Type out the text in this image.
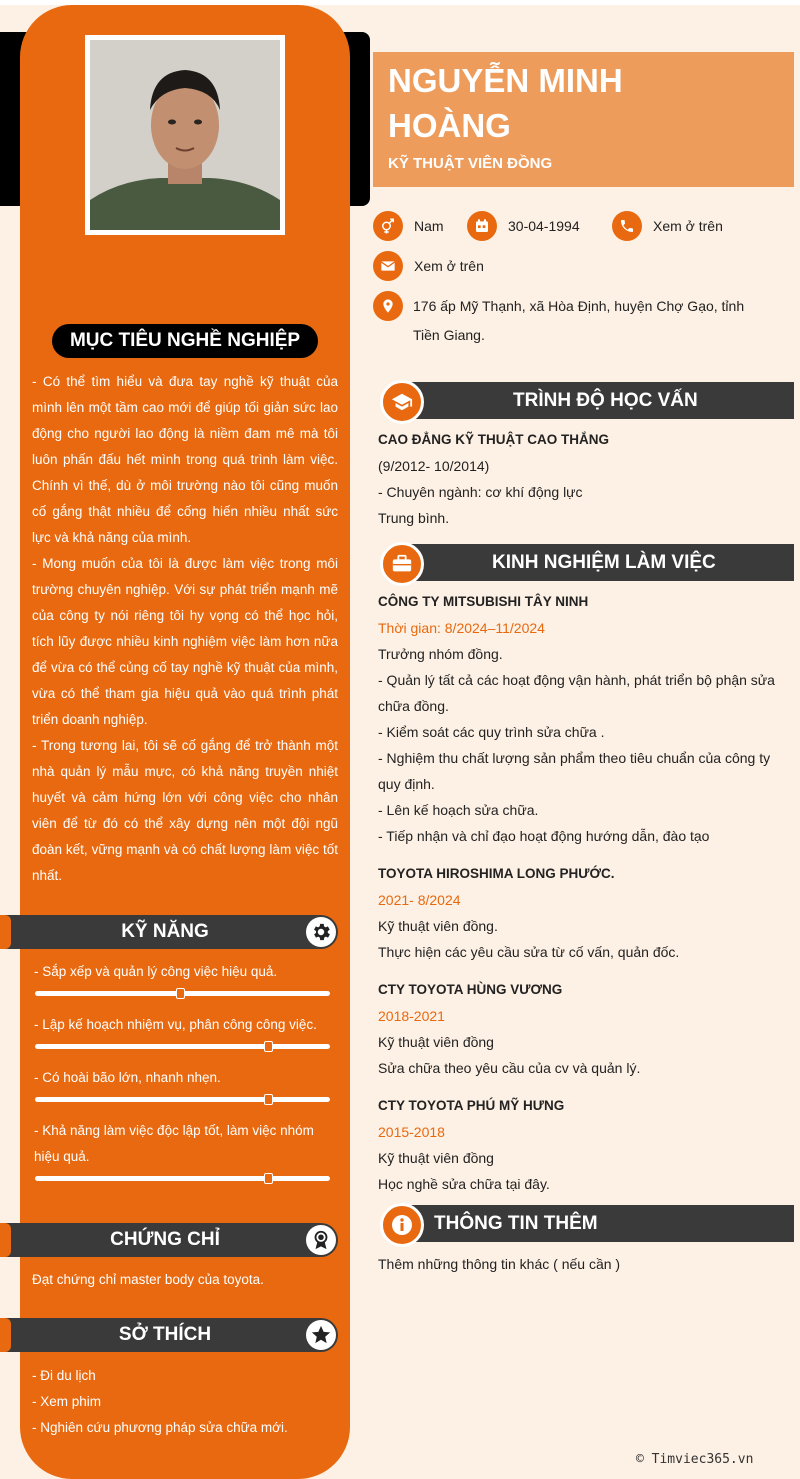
MỤC TIÊU NGHỀ NGHIỆP

- Có thể tìm hiểu và đưa tay nghề kỹ thuật của mình lên một tầm cao mới để giúp tối giản sức lao động cho người lao động là niềm đam mê mà tôi luôn phấn đấu hết mình trong quá trình làm việc. Chính vì thế, dù ở môi trường nào tôi cũng muốn cố gắng thật nhiều để cống hiến nhiều nhất sức lực và khả năng của mình.

- Mong muốn của tôi là được làm việc trong môi trường chuyên nghiệp. Với sự phát triển mạnh mẽ của công ty nói riêng tôi hy vọng có thể học hỏi, tích lũy được nhiều kinh nghiệm việc làm hơn nữa để vừa có thể củng cố tay nghề kỹ thuật của mình, vừa có thể tham gia hiệu quả vào quá trình phát triển doanh nghiệp.

- Trong tương lai, tôi sẽ cố gắng để trở thành một nhà quản lý mẫu mực, có khả năng truyền nhiệt huyết và cảm hứng lớn với công việc cho nhân viên để từ đó có thể xây dựng nên một đội ngũ đoàn kết, vững mạnh và có chất lượng làm việc tốt nhất.

KỸ NĂNG
- Sắp xếp và quản lý công việc hiệu quả.
- Lập kế hoạch nhiệm vụ, phân công công việc.
- Có hoài bão lớn, nhanh nhẹn.
- Khả năng làm việc độc lập tốt, làm việc nhóm hiệu quả.
CHỨNG CHỈ
Đạt chứng chỉ master body của toyota.
SỞ THÍCH
- Đi du lịch
- Xem phim
- Nghiên cứu phương pháp sửa chữa mới.
NGUYỄN MINH HOÀNG
KỸ THUẬT VIÊN ĐỒNG
Nam	30-04-1994	Xem ở trên
Xem ở trên
176 ấp Mỹ Thạnh, xã Hòa Định, huyện Chợ Gạo, tỉnh Tiền Giang.
TRÌNH ĐỘ HỌC VẤN
CAO ĐẲNG KỸ THUẬT CAO THẮNG
(9/2012- 10/2014)
- Chuyên ngành: cơ khí động lực
Trung bình.
KINH NGHIỆM LÀM VIỆC
CÔNG TY MITSUBISHI TÂY NINH
Thời gian: 8/2024–11/2024
Trưởng nhóm đồng.
- Quản lý tất cả các hoạt động vận hành, phát triển bộ phận sửa chữa đồng.
- Kiểm soát các quy trình sửa chữa .
- Nghiệm thu chất lượng sản phẩm theo tiêu chuẩn của công ty quy định.
- Lên kế hoạch sửa chữa.
- Tiếp nhận và chỉ đạo hoạt động hướng dẫn, đào tạo
TOYOTA HIROSHIMA LONG PHƯỚC.
2021- 8/2024
Kỹ thuật viên đồng.
Thực hiện các yêu cầu sửa từ cố vấn, quản đốc.
CTY TOYOTA HÙNG VƯƠNG
2018-2021
Kỹ thuật viên đồng
Sửa chữa theo yêu cầu của cv và quản lý.
CTY TOYOTA PHÚ MỸ HƯNG
2015-2018
Kỹ thuật viên đồng
Học nghề sửa chữa tại đây.
THÔNG TIN THÊM
Thêm những thông tin khác ( nếu cần )
© Timviec365.vn
